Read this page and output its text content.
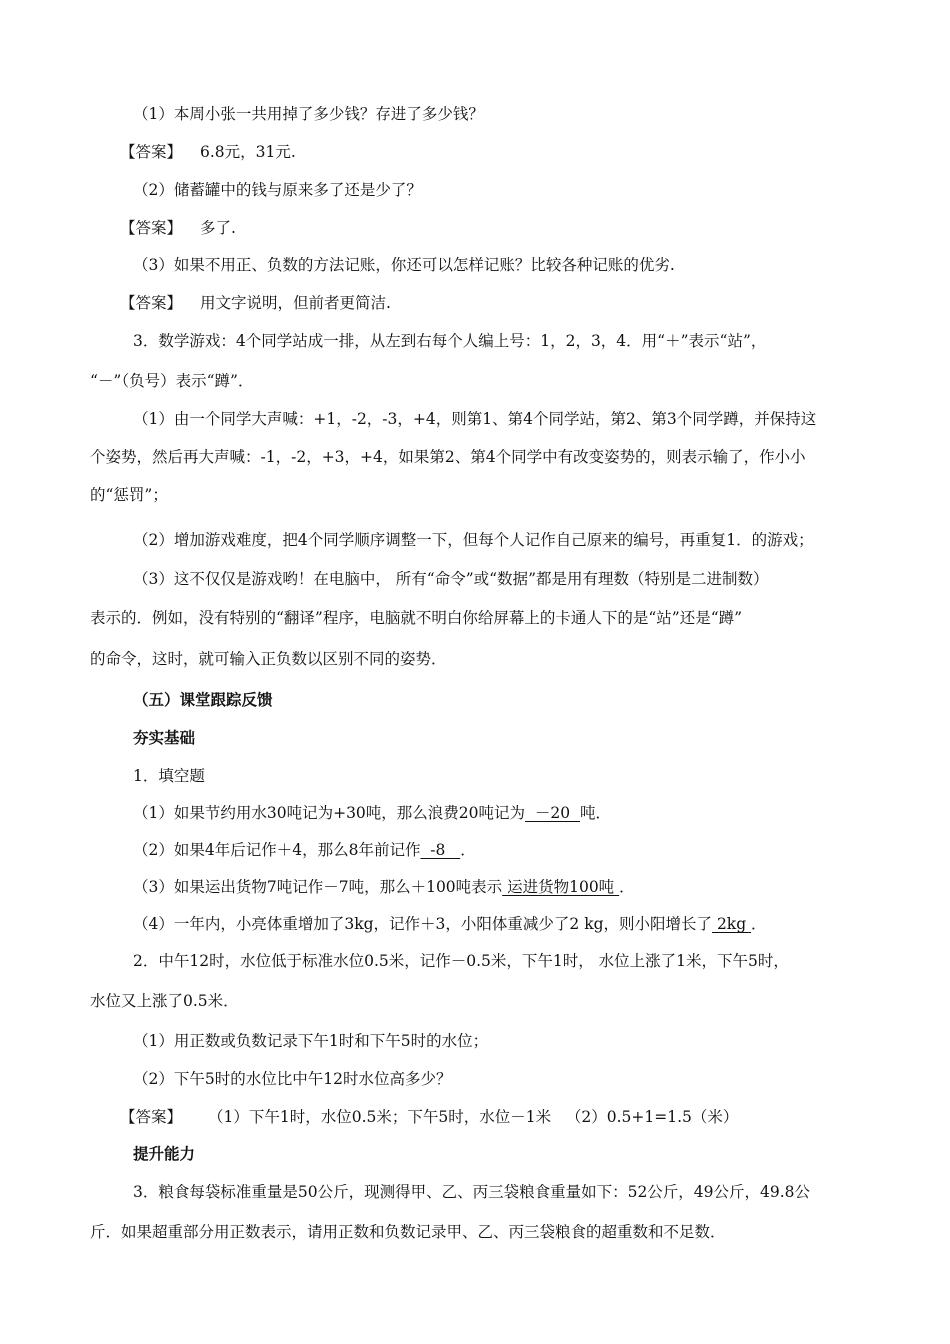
（1）本周小张一共用掉了多少钱？存进了多少钱？
【答案】 6.8元，31元.
（2）储蓄罐中的钱与原来多了还是少了？
【答案】 多了.
（3）如果不用正、负数的方法记账，你还可以怎样记账？比较各种记账的优劣.
【答案】 用文字说明，但前者更简洁.
3．数学游戏：4个同学站成一排，从左到右每个人编上号：1，2，3，4．用“＋”表示“站”，
“－”（负号）表示“蹲”．
（1）由一个同学大声喊：+1，-2，-3，+4，则第1、第4个同学站，第2、第3个同学蹲，并保持这
个姿势，然后再大声喊：-1，-2，+3，+4，如果第2、第4个同学中有改变姿势的，则表示输了，作小小
的“惩罚”；
（2）增加游戏难度，把4个同学顺序调整一下，但每个人记作自己原来的编号，再重复1．的游戏；
（3）这不仅仅是游戏哟！在电脑中， 所有“命令”或“数据”都是用有理数（特别是二进制数）
表示的．例如，没有特别的“翻译”程序，电脑就不明白你给屏幕上的卡通人下的是“站”还是“蹲”
的命令，这时，就可输入正负数以区别不同的姿势．
（五）课堂跟踪反馈
夯实基础
1．填空题
（1）如果节约用水30吨记为+30吨，那么浪费20吨记为  －20  吨．
（2）如果4年后记作＋4，那么8年前记作  -8   ．
（3）如果运出货物7吨记作－7吨，那么＋100吨表示 运进货物100吨 ．
（4）一年内，小亮体重增加了3kg，记作＋3，小阳体重减少了2 kg，则小阳增长了 2kg ．
2．中午12时，水位低于标准水位0.5米，记作－0.5米，下午1时， 水位上涨了1米，下午5时，
水位又上涨了0.5米．
（1）用正数或负数记录下午1时和下午5时的水位；
（2）下午5时的水位比中午12时水位高多少？
【答案】 （1）下午1时，水位0.5米；下午5时，水位－1米   （2）0.5+1=1.5（米）
提升能力
3．粮食每袋标准重量是50公斤，现测得甲、乙、丙三袋粮食重量如下：52公斤，49公斤，49.8公
斤．如果超重部分用正数表示，请用正数和负数记录甲、乙、丙三袋粮食的超重数和不足数．
